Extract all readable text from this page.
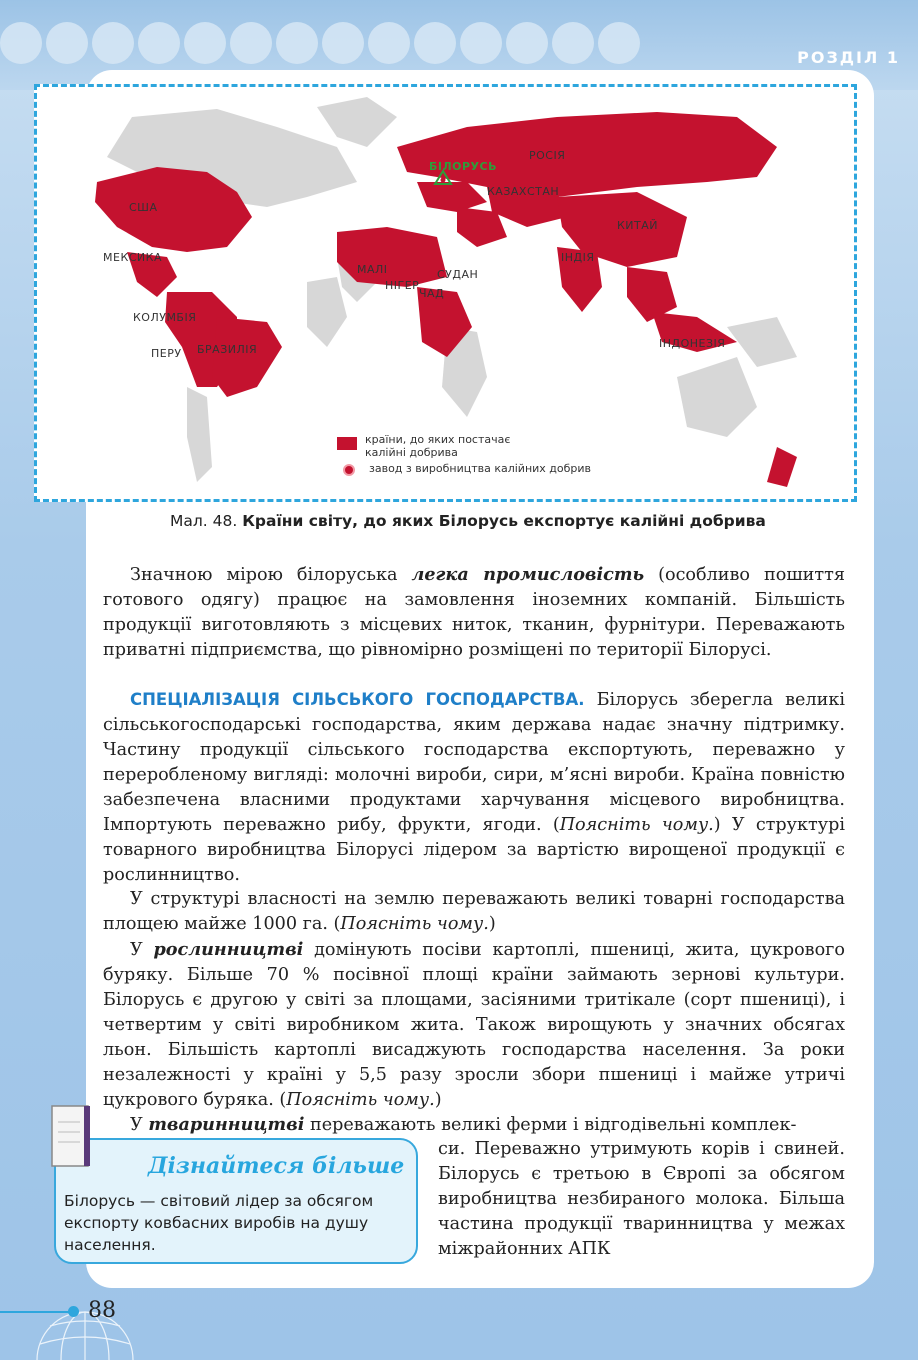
РОЗДІЛ 1
РОСІЯ
БІЛОРУСЬ
КАЗАХСТАН
США
КИТАЙ
МЕКСИКА	ІНДІЯ
МАЛІ
НІГЕР
СУДАН
ЧАД
КОЛУМБІЯ
БРАЗИЛІЯ
ПЕРУ
ІНДОНЕЗІЯ
країни, до яких постачає
калійні добрива
завод з виробництва калійних добрив
Мал. 48. Країни світу, до яких Білорусь експортує калійні добрива
Значною мірою білоруська легка промисловість (особливо пошиття готового одягу) працює на замовлення іноземних компаній. Більшість продукції виготовляють з місцевих ниток, тканин, фурнітури. Переважають приватні підприємства, що рівномірно розміщені по території Білорусі.
СПЕЦІАЛІЗАЦІЯ СІЛЬСЬКОГО ГОСПОДАРСТВА. Білорусь зберегла великі сільськогосподарські господарства, яким держава надає значну підтримку. Частину продукції сільського господарства експортують, переважно у переробленому вигляді: молочні вироби, сири, м’ясні вироби. Країна повністю забезпечена власними продуктами харчування місцевого виробництва. Імпортують переважно рибу, фрукти, ягоди. (Поясніть чому.) У структурі товарного виробництва Білорусі лідером за вартістю вирощеної продукції є рослинництво.
У структурі власності на землю переважають великі товарні господарства площею майже 1000 га. (Поясніть чому.)
У рослинництві домінують посіви картоплі, пшениці, жита, цукрового буряку. Більше 70 % посівної площі країни займають зернові культури. Білорусь є другою у світі за площами, засіяними тритікале (сорт пшениці), і четвертим у світі виробником жита. Також вирощують у значних обсягах льон. Більшість картоплі висаджують господарства населення. За роки незалежності у країні у 5,5 разу зросли збори пшениці і майже утричі цукрового буряка. (Поясніть чому.)
У тваринництві переважають великі ферми і відгодівельні комплек-
си. Переважно утримують корів і свиней. Білорусь є третьою в Європі за обсягом виробництва незбираного молока. Більша частина продукції тваринництва у межах міжрайонних АПК
Дізнайтеся більше
Білорусь — світовий лідер за обсягом експорту ковбасних виробів на душу населення.
88
